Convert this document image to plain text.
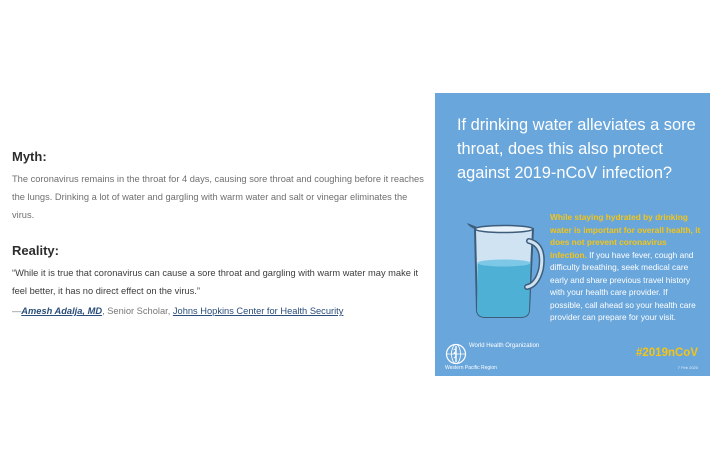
Myth:

The coronavirus remains in the throat for 4 days, causing sore throat and coughing before it reaches the lungs. Drinking a lot of water and gargling with warm water and salt or vinegar eliminates the virus.

Reality:

“While it is true that coronavirus can cause a sore throat and gargling with warm water may make it feel better, it has no direct effect on the virus.”

—Amesh Adalja, MD, Senior Scholar, Johns Hopkins Center for Health Security

If drinking water alleviates a sore throat, does this also protect against 2019-nCoV infection?

While staying hydrated by drinking water is important for overall health, it does not prevent coronavirus infection. If you have fever, cough and difficulty breathing, seek medical care early and share previous travel history with your health care provider. If possible, call ahead so your health care provider can prepare for your visit.

World Health Organization

Western Pacific Region
#2019nCoV
7 Feb 2020
